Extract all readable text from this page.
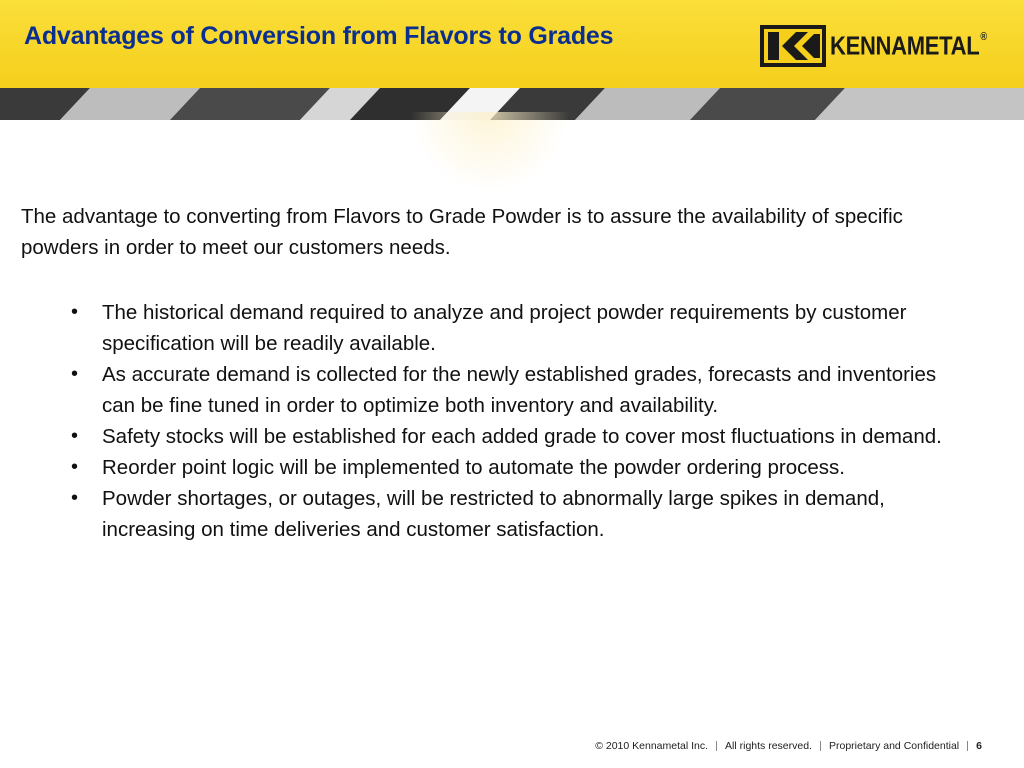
Advantages of Conversion from Flavors to Grades	KENNAMETAL®

The advantage to converting from Flavors to Grade Powder is to assure the availability of specific powders in order to meet our customers needs.

• The historical demand required to analyze and project powder requirements by customer specification will be readily available.
• As accurate demand is collected for the newly established grades, forecasts and inventories can be fine tuned in order to optimize both inventory and availability.
• Safety stocks will be established for each added grade to cover most fluctuations in demand.
• Reorder point logic will be implemented to automate the powder ordering process.
• Powder shortages, or outages, will be restricted to abnormally large spikes in demand, increasing on time deliveries and customer satisfaction.
© 2010 Kennametal Inc. All rights reserved. Proprietary and Confidential 6
